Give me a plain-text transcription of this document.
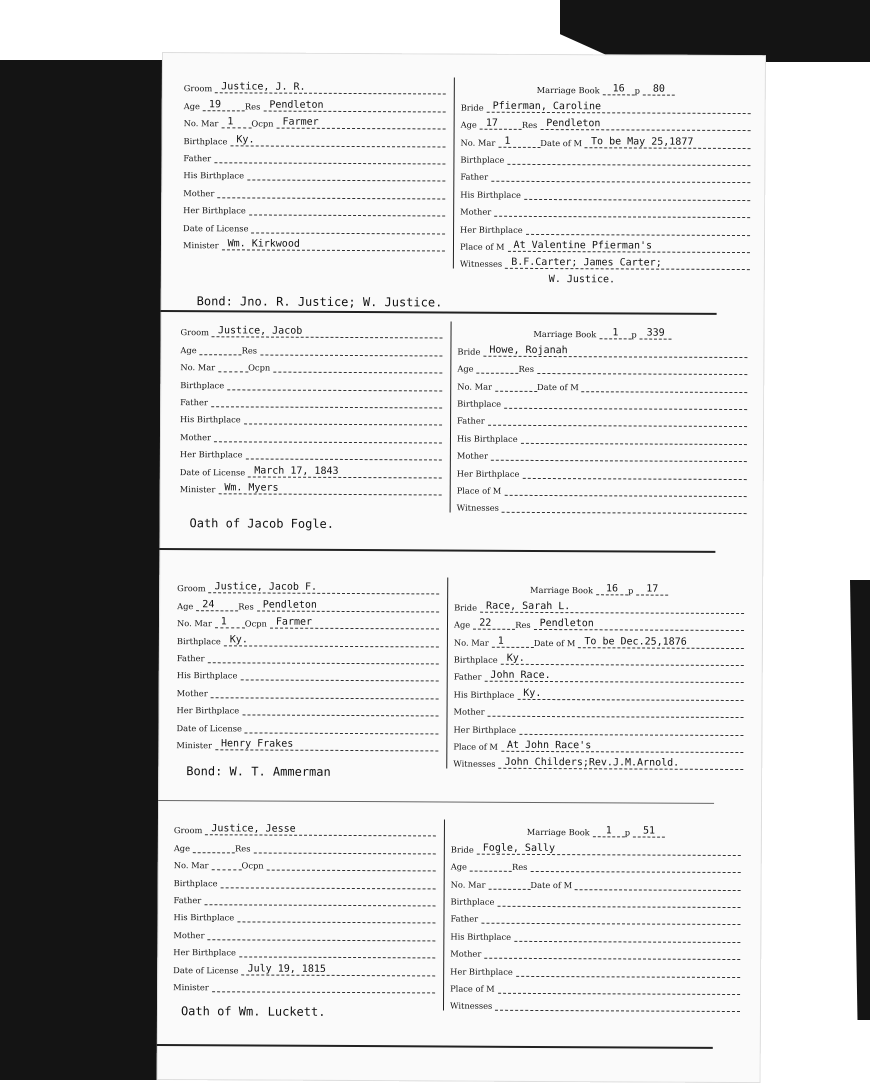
Groom Justice, J. R.
Age 19	Res Pendleton
No. Mar 1	Ocpn Farmer
Birthplace Ky.
Father
His Birthplace
Mother
Her Birthplace
Date of License
Minister Wm. Kirkwood
Marriage Book	16	p	80
Bride Pfierman, Caroline
Age 17	Res Pendleton
No. Mar 1	Date of M To be May 25,1877
Birthplace
Father
His Birthplace
Mother
Her Birthplace
Place of M At Valentine Pfierman's
Witnesses B.F.Carter; James Carter;
W. Justice.
Bond: Jno. R. Justice; W. Justice.
Groom Justice, Jacob
Age	Res
No. Mar	Ocpn
Birthplace
Father
His Birthplace
Mother
Her Birthplace
Date of License March 17, 1843
Minister Wm. Myers
Marriage Book	1	p 339
Bride Howe, Rojanah
Age	Res
No. Mar	Date of M
Birthplace
Father
His Birthplace
Mother
Her Birthplace
Place of M
Witnesses
Oath of Jacob Fogle.
Groom Justice, Jacob F.
Age 24	Res Pendleton
No. Mar 1	Ocpn Farmer
Birthplace Ky.
Father
His Birthplace
Mother
Her Birthplace
Date of License
Minister Henry Frakes
Marriage Book	16	p	17
Bride Race, Sarah L.
Age 22	Res Pendleton
No. Mar 1	Date of M To be Dec.25,1876
Birthplace Ky.
Father John Race.
His Birthplace Ky.
Mother
Her Birthplace
Place of M At John Race's
Witnesses John Childers;Rev.J.M.Arnold.
Bond: W. T. Ammerman
Groom Justice, Jesse
Age	Res
No. Mar	Ocpn
Birthplace
Father
His Birthplace
Mother
Her Birthplace
Date of License July 19, 1815
Minister
Marriage Book	1	p	51
Bride Fogle, Sally
Age	Res
No. Mar	Date of M
Birthplace
Father
His Birthplace
Mother
Her Birthplace
Place of M
Witnesses
Oath of Wm. Luckett.
